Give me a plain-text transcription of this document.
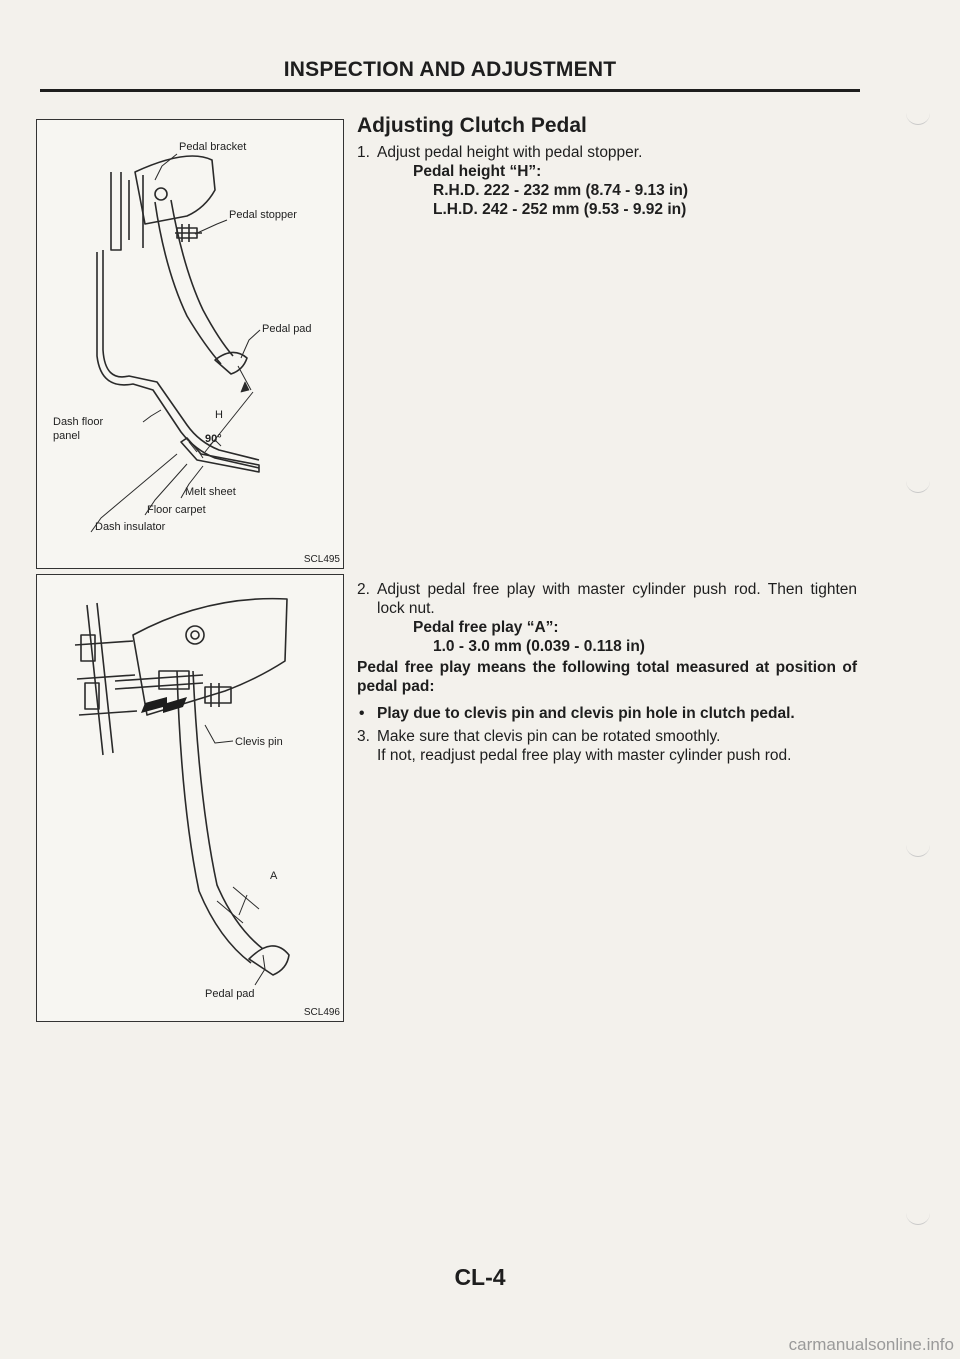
INSPECTION AND ADJUSTMENT
Pedal bracket
Pedal stopper
Pedal pad
H
Dash floor
panel	90°
Melt sheet
Floor carpet
Dash insulator
SCL495
Clevis pin
A
Pedal pad
SCL496
Adjusting Clutch Pedal
1. Adjust pedal height with pedal stopper.

Pedal height “H”:
R.H.D. 222 - 232 mm (8.74 - 9.13 in)
L.H.D. 242 - 252 mm (9.53 - 9.92 in)
2. Adjust pedal free play with master cylinder push rod. Then tighten lock nut.

Pedal free play “A”:
1.0 - 3.0 mm (0.039 - 0.118 in)

Pedal free play means the following total measured at position of pedal pad:

• Play due to clevis pin and clevis pin hole in clutch pedal.
3. Make sure that clevis pin can be rotated smoothly.

If not, readjust pedal free play with master cylinder push rod.

CL-4
carmanualsonline.info
